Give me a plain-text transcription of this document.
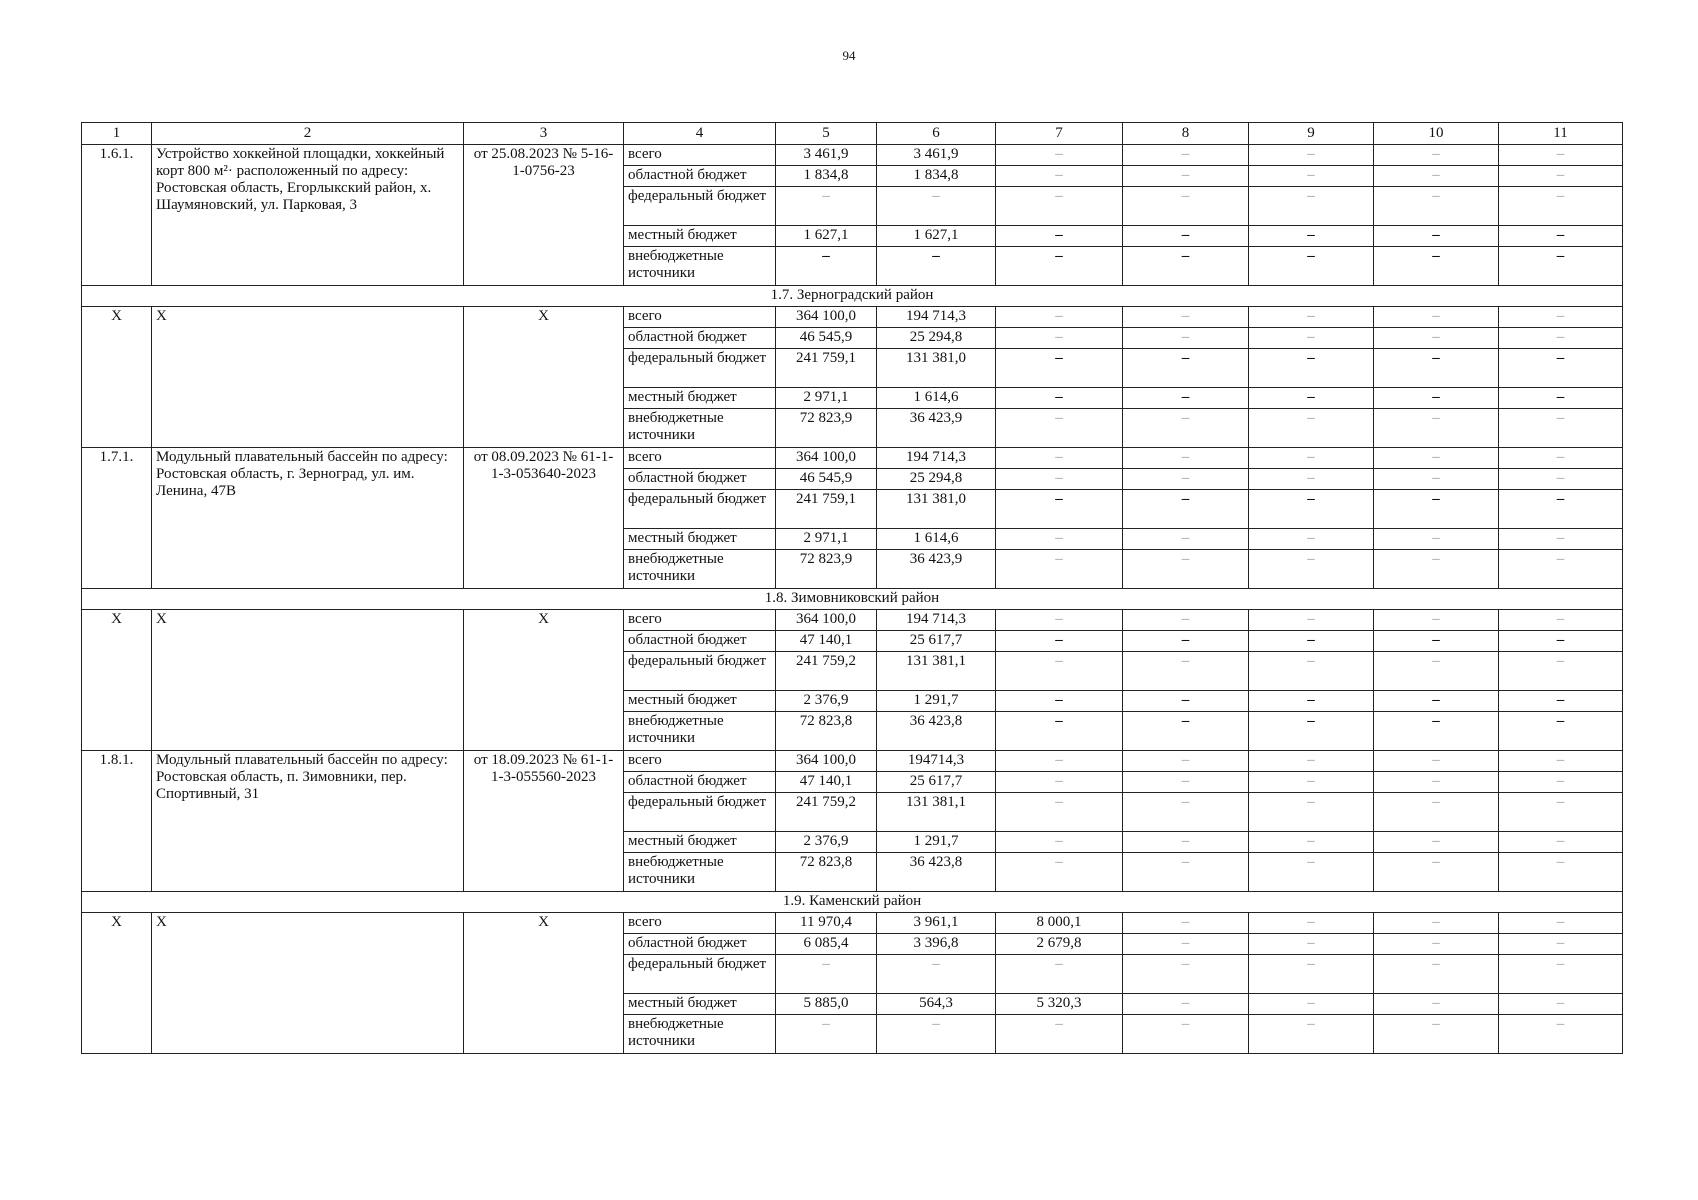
94
1	2	3	4	5	6	7	8	9	10	11
1.6.1.	Устройство хоккейной площадки, хоккейный корт 800 м²· расположенный по адресу: Ростовская область, Егорлыкский район, х. Шаумяновский, ул. Парковая, 3	от 25.08.2023 № 5-16-1-0756-23	всего	3 461,9	3 461,9	–	–	–	–	–
			областной бюджет	1 834,8	1 834,8	–	–	–	–	–
			федеральный бюджет	–	–	–	–	–	–	–
			местный бюджет	1 627,1	1 627,1	–	–	–	–	–
			внебюджетные источники	–	–	–	–	–	–	–
1.7. Зерноградский район										
Х	Х	Х	всего	364 100,0	194 714,3	–	–	–	–	–
			областной бюджет	46 545,9	25 294,8	–	–	–	–	–
			федеральный бюджет	241 759,1	131 381,0	–	–	–	–	–
			местный бюджет	2 971,1	1 614,6	–	–	–	–	–
			внебюджетные источники	72 823,9	36 423,9	–	–	–	–	–
1.7.1.	Модульный плавательный бассейн по адресу: Ростовская область, г. Зерноград, ул. им. Ленина, 47В	от 08.09.2023 № 61-1-1-3-053640-2023	всего	364 100,0	194 714,3	–	–	–	–	–
			областной бюджет	46 545,9	25 294,8	–	–	–	–	–
			федеральный бюджет	241 759,1	131 381,0	–	–	–	–	–
			местный бюджет	2 971,1	1 614,6	–	–	–	–	–
			внебюджетные источники	72 823,9	36 423,9	–	–	–	–	–
1.8. Зимовниковский район										
Х	Х	Х	всего	364 100,0	194 714,3	–	–	–	–	–
			областной бюджет	47 140,1	25 617,7	–	–	–	–	–
			федеральный бюджет	241 759,2	131 381,1	–	–	–	–	–
			местный бюджет	2 376,9	1 291,7	–	–	–	–	–
			внебюджетные источники	72 823,8	36 423,8	–	–	–	–	–
1.8.1.	Модульный плавательный бассейн по адресу: Ростовская область, п. Зимовники, пер. Спортивный, 31	от 18.09.2023 № 61-1-1-3-055560-2023	всего	364 100,0	194714,3	–	–	–	–	–
			областной бюджет	47 140,1	25 617,7	–	–	–	–	–
			федеральный бюджет	241 759,2	131 381,1	–	–	–	–	–
			местный бюджет	2 376,9	1 291,7	–	–	–	–	–
			внебюджетные источники	72 823,8	36 423,8	–	–	–	–	–
1.9. Каменский район										
Х	Х	Х	всего	11 970,4	3 961,1	8 000,1	–	–	–	–
			областной бюджет	6 085,4	3 396,8	2 679,8	–	–	–	–
			федеральный бюджет	–	–	–	–	–	–	–
			местный бюджет	5 885,0	564,3	5 320,3	–	–	–	–
			внебюджетные источники	–	–	–	–	–	–	–
